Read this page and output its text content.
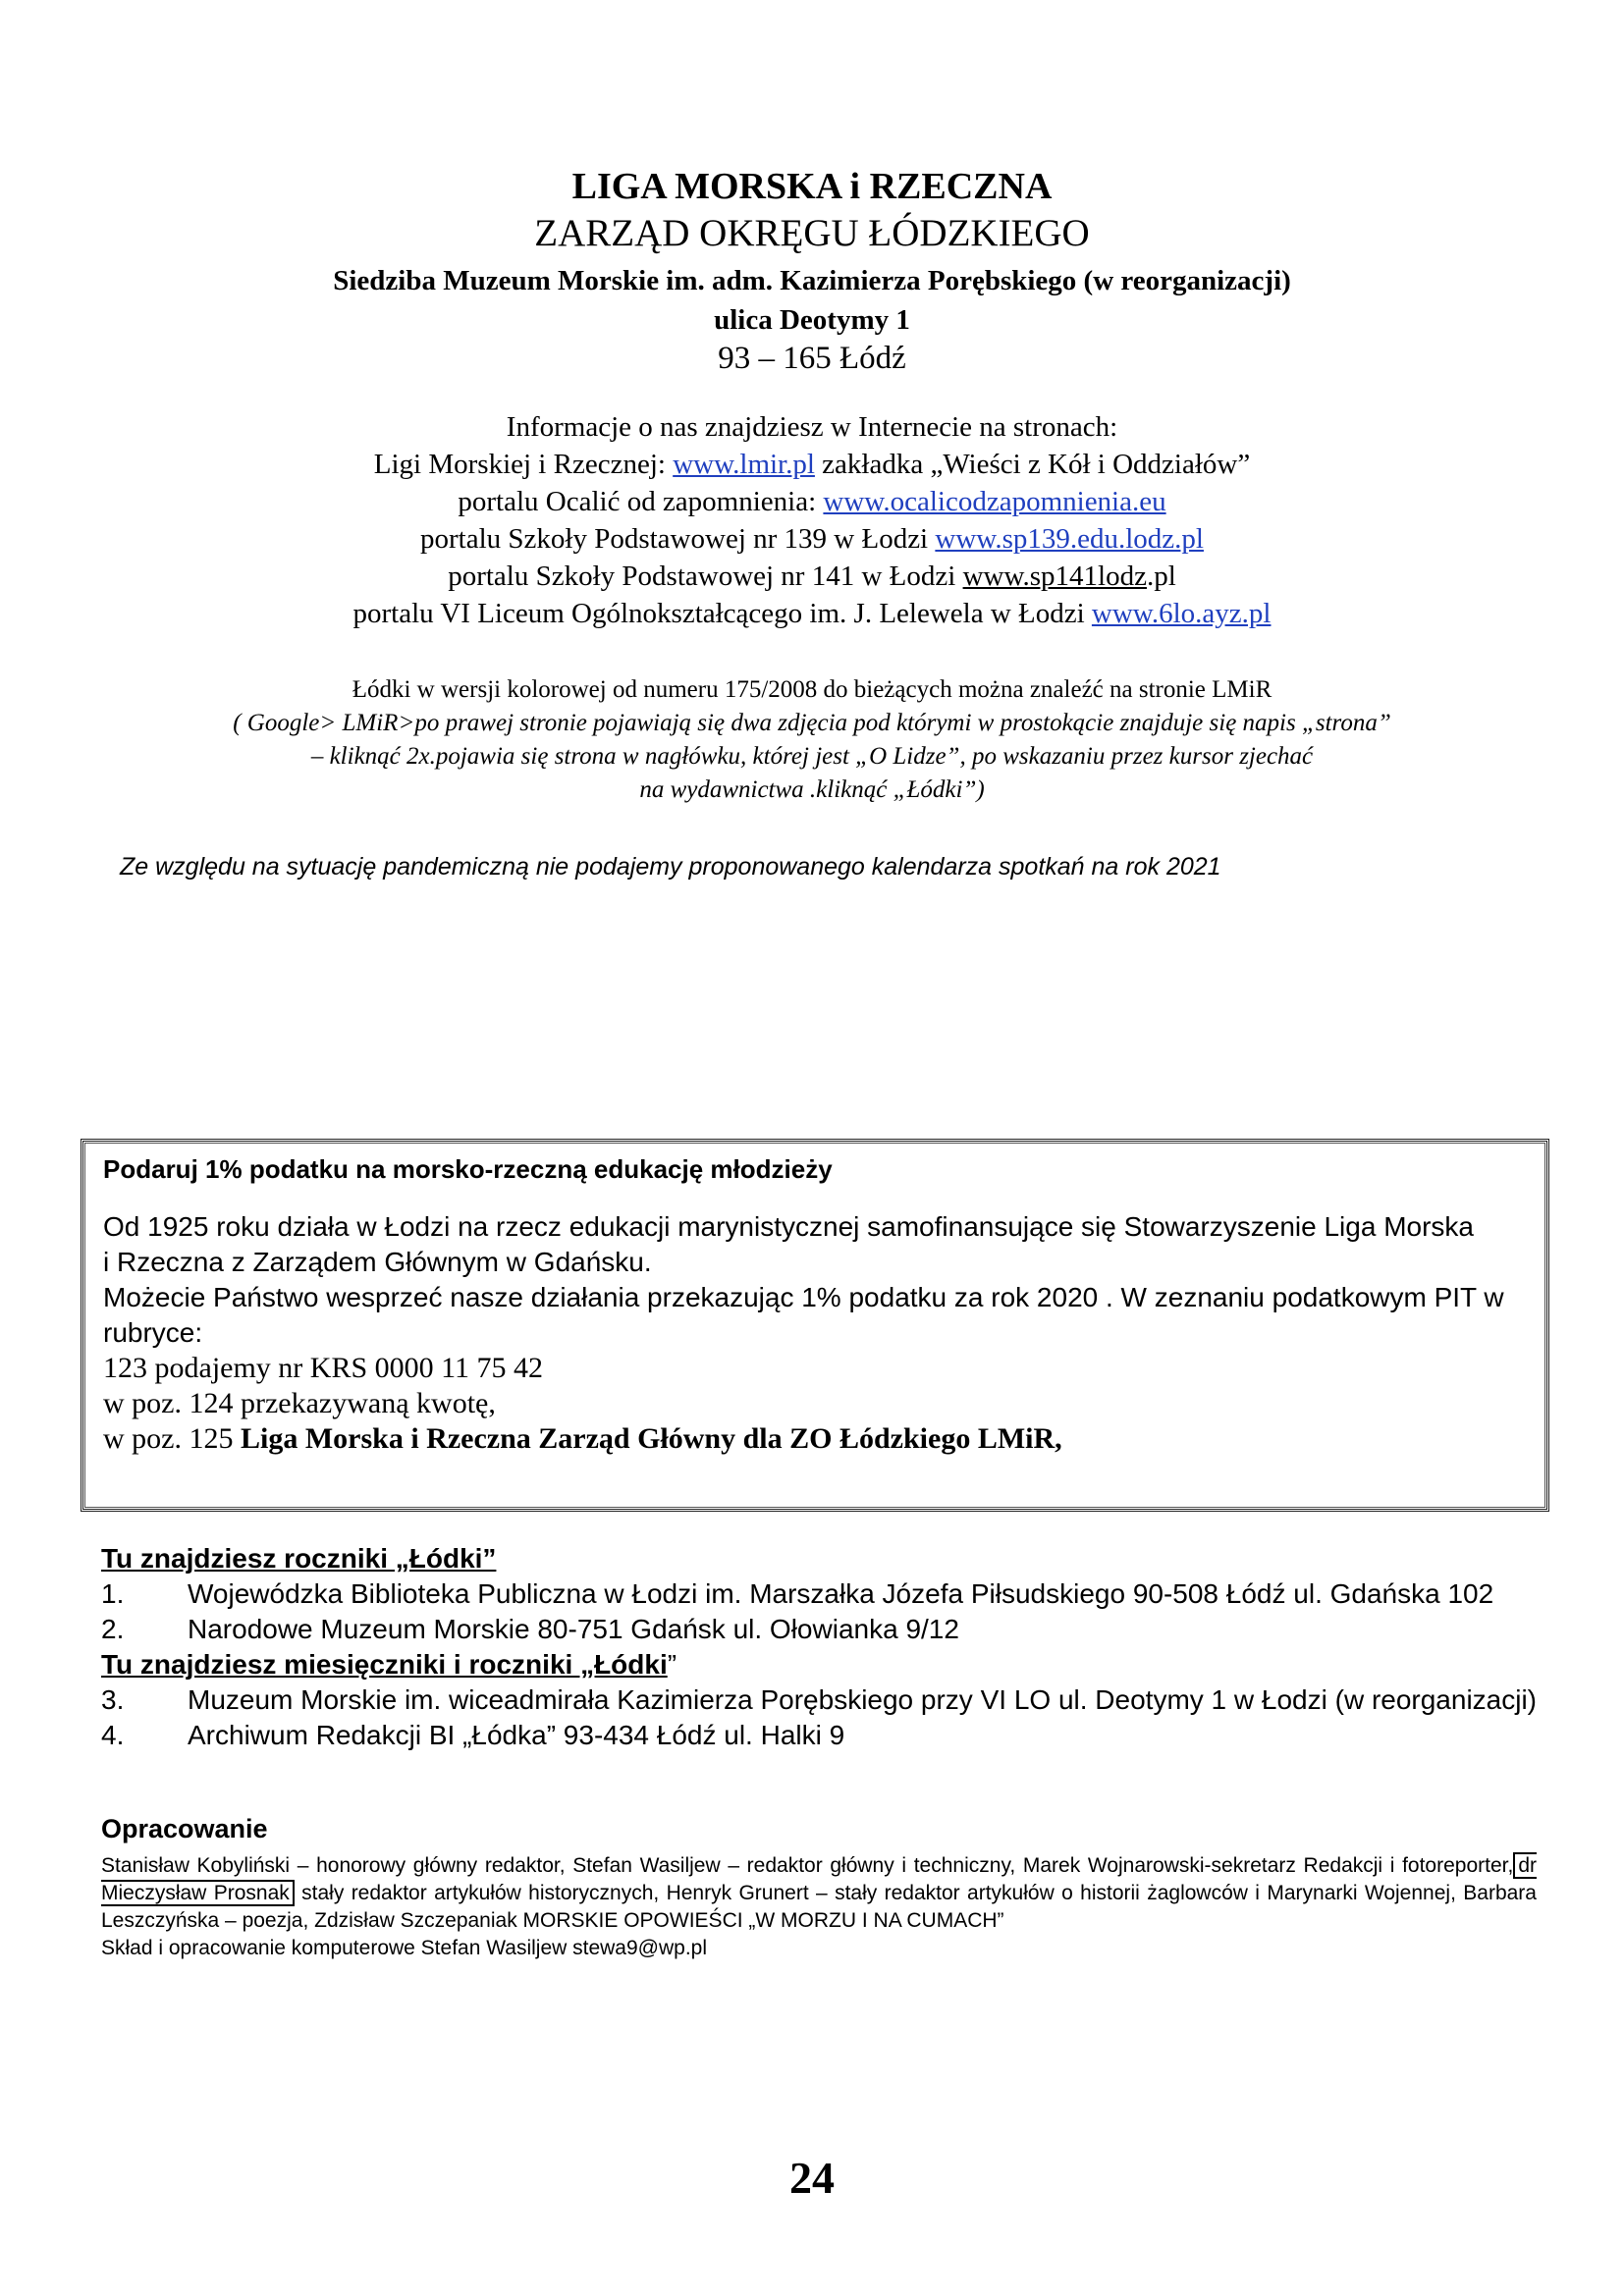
LIGA MORSKA i RZECZNA
ZARZĄD OKRĘGU ŁÓDZKIEGO
Siedziba Muzeum Morskie im. adm. Kazimierza Porębskiego (w reorganizacji)
ulica Deotymy 1
93 – 165 Łódź
Informacje o nas znajdziesz w Internecie na stronach:
Ligi Morskiej i Rzecznej: www.lmir.pl zakładka „Wieści z Kół i Oddziałów”
portalu Ocalić od zapomnienia: www.ocalicodzapomnienia.eu
portalu Szkoły Podstawowej nr 139 w Łodzi www.sp139.edu.lodz.pl
portalu Szkoły Podstawowej nr 141 w Łodzi www.sp141lodz.pl
portalu VI Liceum Ogólnokształcącego im. J. Lelewela w Łodzi www.6lo.ayz.pl
Łódki w wersji kolorowej od numeru 175/2008 do bieżących można znaleźć na stronie LMiR
( Google> LMiR>po prawej stronie pojawiają się dwa zdjęcia pod którymi w prostokącie znajduje się napis „strona”
– kliknąć 2x.pojawia się strona w nagłówku, której jest „O Lidze”, po wskazaniu przez kursor zjechać
na wydawnictwa .kliknąć „Łódki”)
Ze względu na sytuację pandemiczną nie podajemy proponowanego kalendarza spotkań na rok 2021
Podaruj 1% podatku na morsko-rzeczną edukację młodzieży
Od 1925 roku działa w Łodzi na rzecz edukacji marynistycznej samofinansujące się Stowarzyszenie Liga Morska
i Rzeczna z Zarządem Głównym w Gdańsku.
Możecie Państwo wesprzeć nasze działania przekazując 1% podatku za rok 2020 . W zeznaniu podatkowym PIT w
rubryce:
123 podajemy nr KRS 0000 11 75 42
w poz. 124 przekazywaną kwotę,
w poz. 125 Liga Morska i Rzeczna Zarząd Główny dla ZO Łódzkiego LMiR,
Tu znajdziesz roczniki „Łódki”
1. Wojewódzka Biblioteka Publiczna w Łodzi im. Marszałka Józefa Piłsudskiego 90-508 Łódź ul. Gdańska 102
2. Narodowe Muzeum Morskie 80-751 Gdańsk ul. Ołowianka 9/12
Tu znajdziesz miesięczniki i roczniki „Łódki”
3. Muzeum Morskie im. wiceadmirała Kazimierza Porębskiego przy VI LO ul. Deotymy 1 w Łodzi (w reorganizacji)
4. Archiwum Redakcji BI „Łódka” 93-434 Łódź ul. Halki 9
Opracowanie
Stanisław Kobyliński – honorowy główny redaktor, Stefan Wasiljew – redaktor główny i techniczny, Marek Wojnarowski-sekretarz Redakcji i fotoreporter, dr Mieczysław Prosnak stały redaktor artykułów historycznych, Henryk Grunert – stały redaktor artykułów o historii żaglowców i Marynarki Wojennej, Barbara Leszczyńska – poezja, Zdzisław Szczepaniak MORSKIE OPOWIEŚCI „W MORZU I NA CUMACH”
Skład i opracowanie komputerowe Stefan Wasiljew stewa9@wp.pl
24
